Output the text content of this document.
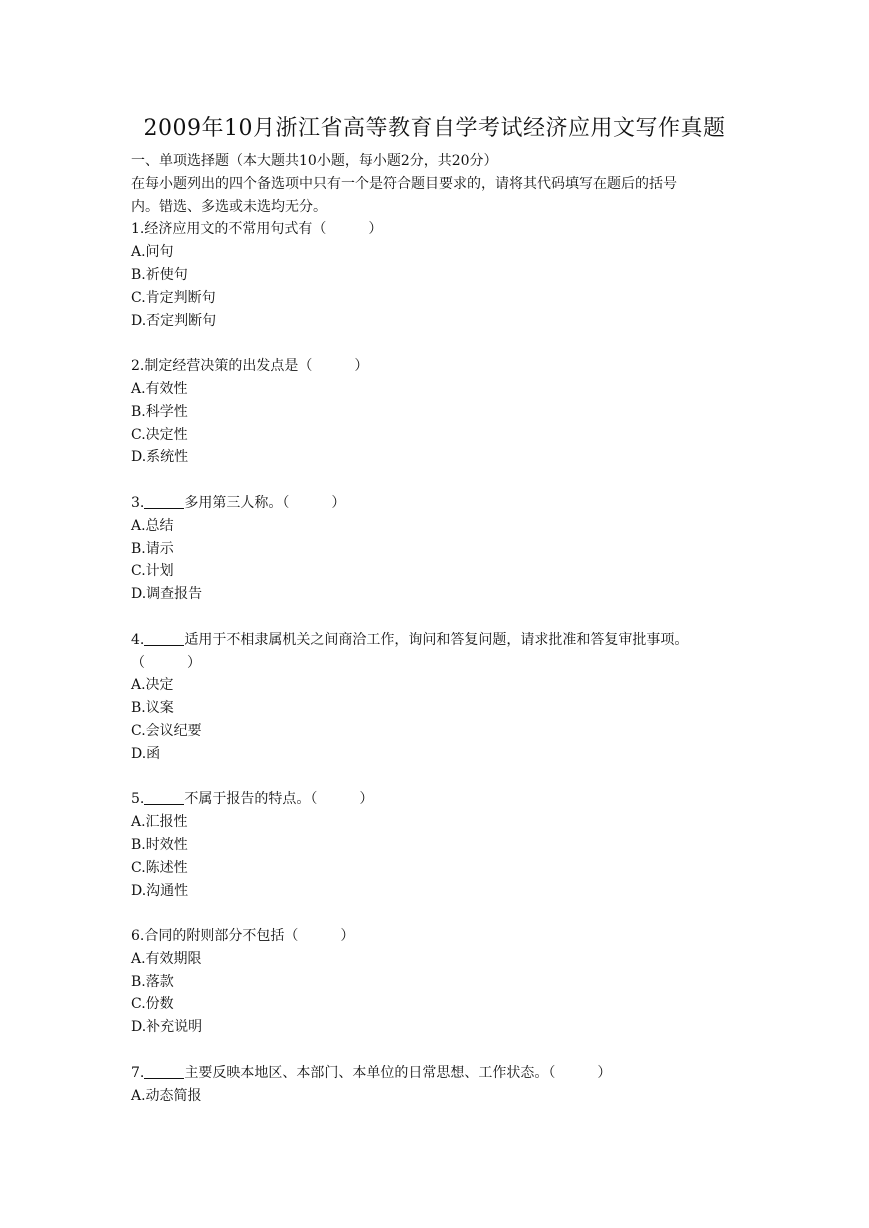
2009年10月浙江省高等教育自学考试经济应用文写作真题
一、单项选择题（本大题共10小题，每小题2分，共20分）
在每小题列出的四个备选项中只有一个是符合题目要求的，请将其代码填写在题后的括号
内。错选、多选或未选均无分。
1.经济应用文的不常用句式有（	）
A.问句
B.祈使句
C.肯定判断句
D.否定判断句
2.制定经营决策的出发点是（	）
A.有效性
B.科学性
C.决定性
D.系统性
3.	多用第三人称。（	）
A.总结
B.请示
C.计划
D.调查报告
4.	适用于不相隶属机关之间商洽工作，询问和答复问题，请求批准和答复审批事项。
（	）
A.决定
B.议案
C.会议纪要
D.函
5.	不属于报告的特点。（	）
A.汇报性
B.时效性
C.陈述性
D.沟通性
6.合同的附则部分不包括（	）
A.有效期限
B.落款
C.份数
D.补充说明
7.	主要反映本地区、本部门、本单位的日常思想、工作状态。（	）
A.动态简报
